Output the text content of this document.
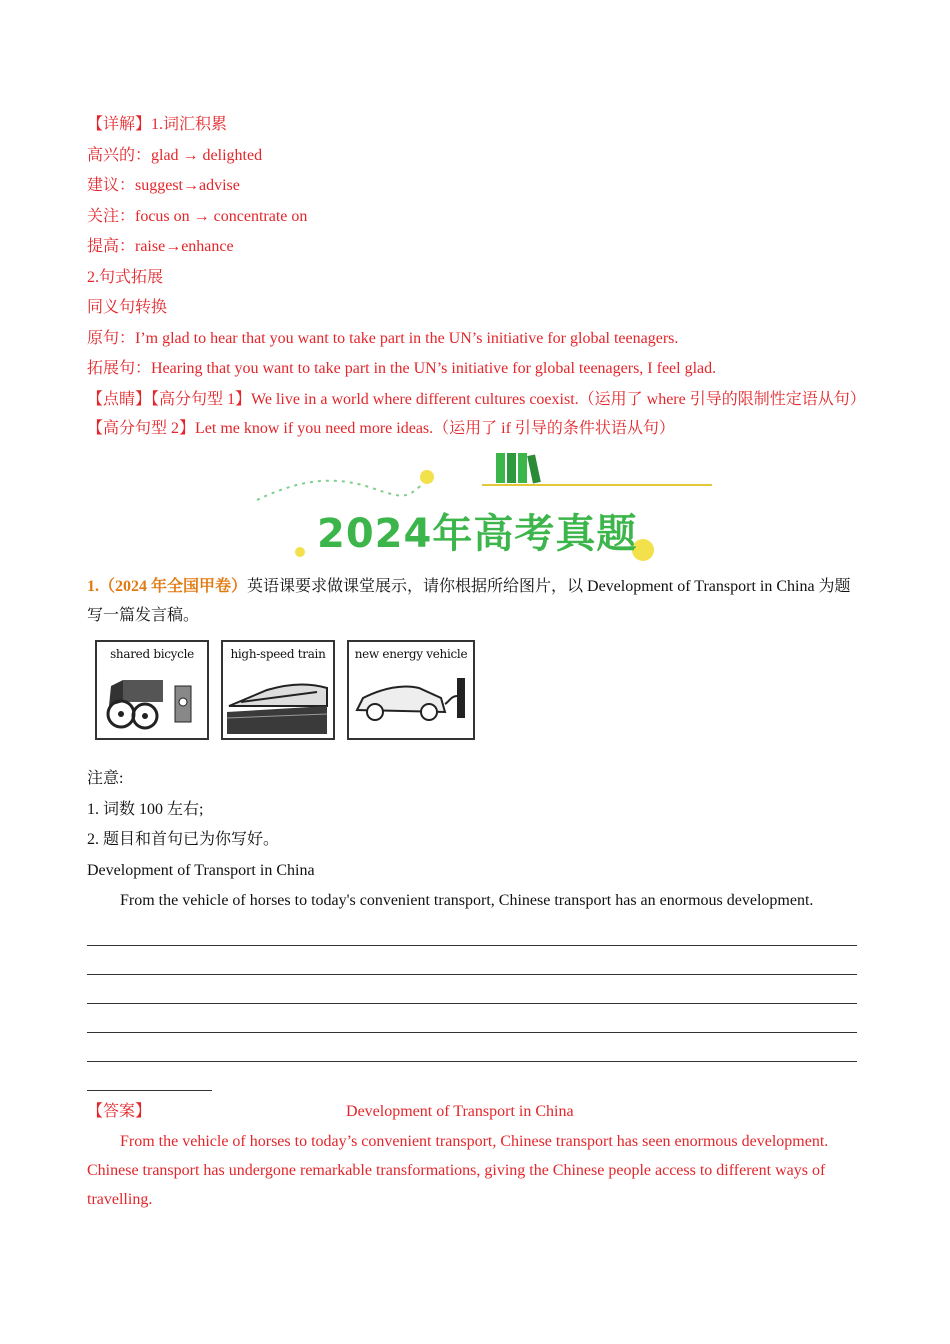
【详解】1.词汇积累
高兴的：glad → delighted
建议：suggest→advise
关注：focus on → concentrate on
提高：raise→enhance
2.句式拓展
同义句转换
原句：I’m glad to hear that you want to take part in the UN’s initiative for global teenagers.
拓展句：Hearing that you want to take part in the UN’s initiative for global teenagers, I feel glad.
【点睛】【高分句型 1】We live in a world where different cultures coexist.（运用了 where 引导的限制性定语从句）
【高分句型 2】Let me know if you need more ideas.（运用了 if 引导的条件状语从句）
2024年高考真题
1.（2024 年全国甲卷）英语课要求做课堂展示，请你根据所给图片，以 Development of Transport in China 为题写一篇发言稿。
shared bicycle	high-speed train	new energy vehicle
注意:
1. 词数 100 左右;
2. 题目和首句已为你写好。
Development of Transport in China
From the vehicle of horses to today's convenient transport, Chinese transport has an enormous development.
【答案】	Development of Transport in China
From the vehicle of horses to today’s convenient transport, Chinese transport has seen enormous development. Chinese transport has undergone remarkable transformations, giving the Chinese people access to different ways of travelling.
